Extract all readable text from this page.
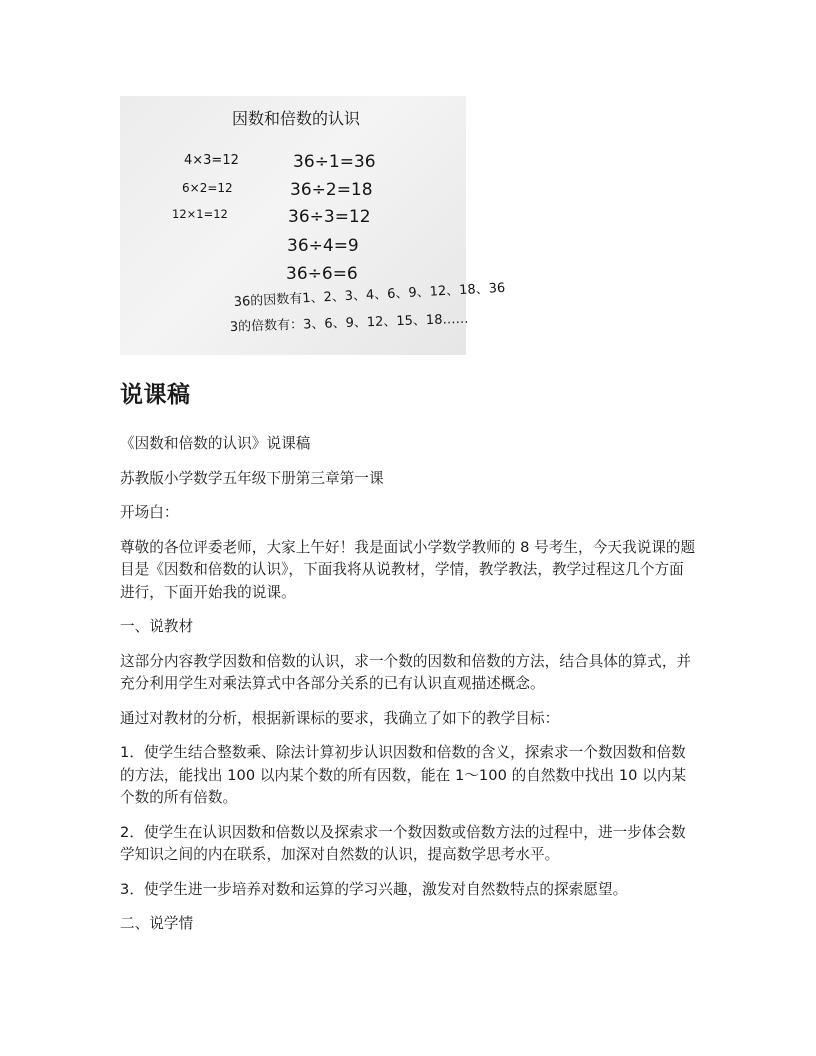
因数和倍数的认识
4×3=12
6×2=12
12×1=12
36÷1=36
36÷2=18
36÷3=12
36÷4=9
36÷6=6
36的因数有1、2、3、4、6、9、12、18、36
3的倍数有：3、6、9、12、15、18……
说课稿

《因数和倍数的认识》说课稿

苏教版小学数学五年级下册第三章第一课

开场白：

尊敬的各位评委老师，大家上午好！我是面试小学数学教师的 8 号考生，今天我说课的题目是《因数和倍数的认识》，下面我将从说教材，学情，教学教法，教学过程这几个方面进行，下面开始我的说课。

一、说教材

这部分内容教学因数和倍数的认识，求一个数的因数和倍数的方法，结合具体的算式，并充分利用学生对乘法算式中各部分关系的已有认识直观描述概念。

通过对教材的分析，根据新课标的要求，我确立了如下的教学目标：

1．使学生结合整数乘、除法计算初步认识因数和倍数的含义，探索求一个数因数和倍数的方法，能找出 100 以内某个数的所有因数，能在 1～100 的自然数中找出 10 以内某个数的所有倍数。

2．使学生在认识因数和倍数以及探索求一个数因数或倍数方法的过程中，进一步体会数学知识之间的内在联系，加深对自然数的认识，提高数学思考水平。

3．使学生进一步培养对数和运算的学习兴趣，激发对自然数特点的探索愿望。

二、说学情
